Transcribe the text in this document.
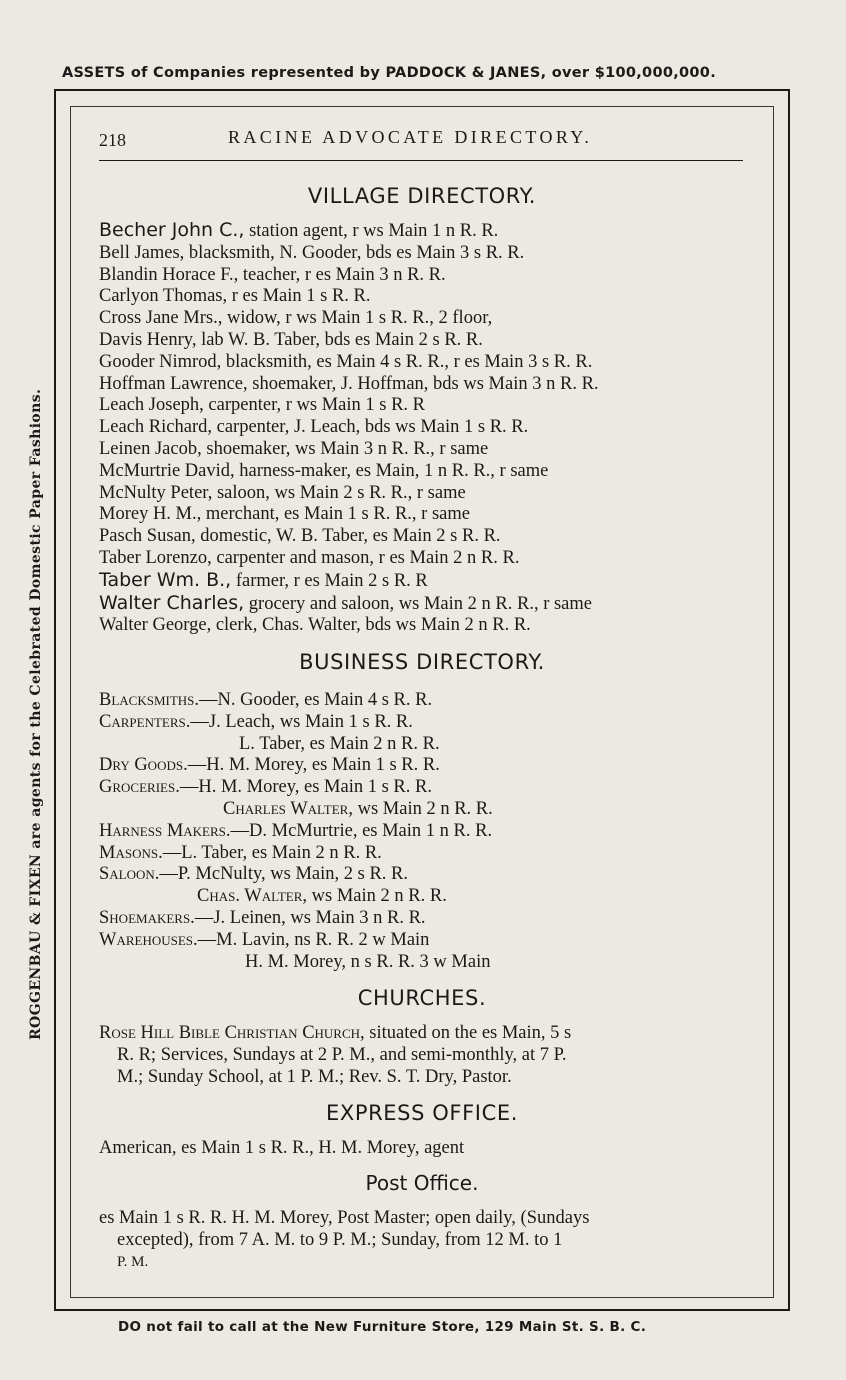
ASSETS of Companies represented by PADDOCK & JANES, over $100,000,000.
ROGGENBAU & FIXEN are agents for the Celebrated Domestic Paper Fashions.
DO not fail to call at the New Furniture Store, 129 Main St. S. B. C.
218	RACINE ADVOCATE DIRECTORY.
VILLAGE DIRECTORY.
Becher John C., station agent, r ws Main 1 n R. R.
Bell James, blacksmith, N. Gooder, bds es Main 3 s R. R.
Blandin Horace F., teacher, r es Main 3 n R. R.
Carlyon Thomas, r es Main 1 s R. R.
Cross Jane Mrs., widow, r ws Main 1 s R. R., 2 floor,
Davis Henry, lab W. B. Taber, bds es Main 2 s R. R.
Gooder Nimrod, blacksmith, es Main 4 s R. R., r es Main 3 s R. R.
Hoffman Lawrence, shoemaker, J. Hoffman, bds ws Main 3 n R. R.
Leach Joseph, carpenter, r ws Main 1 s R. R
Leach Richard, carpenter, J. Leach, bds ws Main 1 s R. R.
Leinen Jacob, shoemaker, ws Main 3 n R. R., r same
McMurtrie David, harness-maker, es Main, 1 n R. R., r same
McNulty Peter, saloon, ws Main 2 s R. R., r same
Morey H. M., merchant, es Main 1 s R. R., r same
Pasch Susan, domestic, W. B. Taber, es Main 2 s R. R.
Taber Lorenzo, carpenter and mason, r es Main 2 n R. R.
Taber Wm. B., farmer, r es Main 2 s R. R
Walter Charles, grocery and saloon, ws Main 2 n R. R., r same
Walter George, clerk, Chas. Walter, bds ws Main 2 n R. R.
BUSINESS DIRECTORY.
Blacksmiths.—N. Gooder, es Main 4 s R. R.
Carpenters.—J. Leach, ws Main 1 s R. R.
L. Taber, es Main 2 n R. R.
Dry Goods.—H. M. Morey, es Main 1 s R. R.
Groceries.—H. M. Morey, es Main 1 s R. R.
Charles Walter, ws Main 2 n R. R.
Harness Makers.—D. McMurtrie, es Main 1 n R. R.
Masons.—L. Taber, es Main 2 n R. R.
Saloon.—P. McNulty, ws Main, 2 s R. R.
Chas. Walter, ws Main 2 n R. R.
Shoemakers.—J. Leinen, ws Main 3 n R. R.
Warehouses.—M. Lavin, ns R. R. 2 w Main
H. M. Morey, n s R. R. 3 w Main
CHURCHES.
Rose Hill Bible Christian Church, situated on the es Main, 5 s
R. R; Services, Sundays at 2 P. M., and semi-monthly, at 7 P.
M.; Sunday School, at 1 P. M.; Rev. S. T. Dry, Pastor.
EXPRESS OFFICE.
American, es Main 1 s R. R., H. M. Morey, agent
Post Office.
es Main 1 s R. R. H. M. Morey, Post Master; open daily, (Sundays
excepted), from 7 A. M. to 9 P. M.; Sunday, from 12 M. to 1
P. M.
